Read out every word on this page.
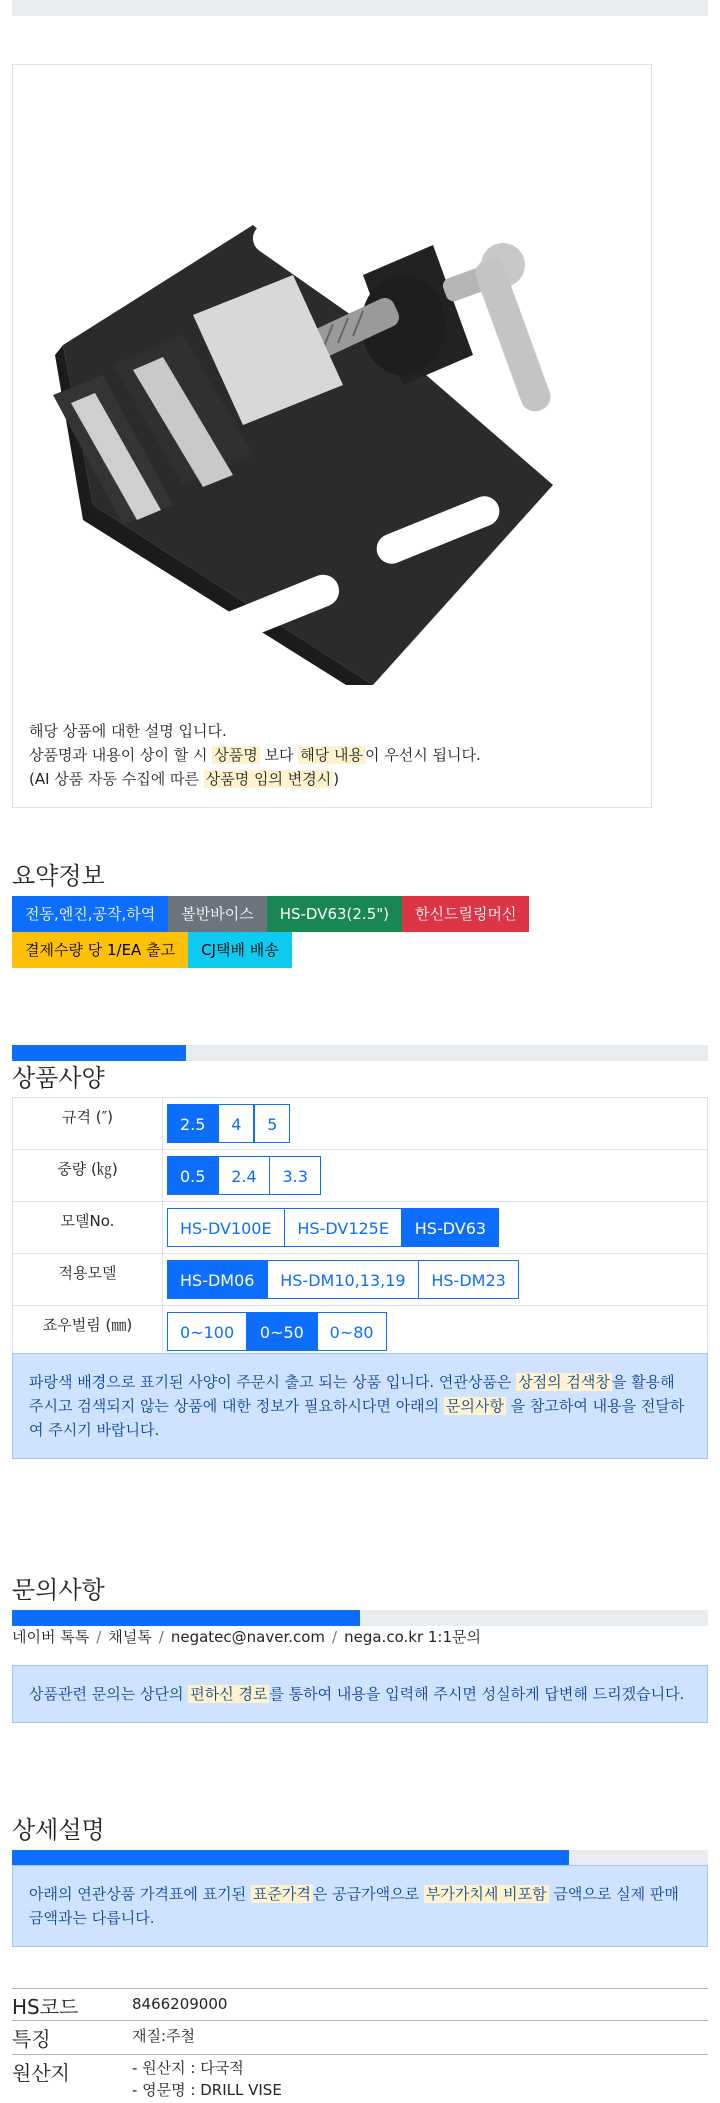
해당 상품에 대한 설명 입니다.
상품명과 내용이 상이 할 시 상품명 보다 해당 내용 이 우선시 됩니다.
(AI 상품 자동 수집에 따른 상품명 임의 변경시 )
요약정보
전동,엔진,공작,하역	볼반바이스	HS-DV63(2.5")	한신드릴링머신
결제수량 당 1/EA 출고	CJ택배 배송
상품사양
규격 (″)	2.5 4 5
중량 (㎏)	0.5 2.4 3.3
모델No.	HS-DV100E HS-DV125E HS-DV63
적용모델	HS-DM06 HS-DM10,13,19 HS-DM23
죠우벌림 (㎜)	0~100 0~50 0~80
파랑색 배경으로 표기된 사양이 주문시 출고 되는 상품 입니다. 연관상품은 상점의 검색창 을 활용해 주시고 검색되지 않는 상품에 대한 정보가 필요하시다면 아래의 문의사항 을 참고하여 내용을 전달하여 주시기 바랍니다.
문의사항
네이버 톡톡 / 채널톡 / negatec@naver.com / nega.co.kr 1:1문의
상품관련 문의는 상단의 편하신 경로 를 통하여 내용을 입력해 주시면 성실하게 답변해 드리겠습니다.
상세설명
아래의 연관상품 가격표에 표기된 표준가격 은 공급가액으로 부가가치세 비포함 금액으로 실제 판매금액과는 다릅니다.
HS코드	8466209000
특징	재질:주철
원산지	- 원산지 : 다국적
- 영문명 : DRILL VISE
